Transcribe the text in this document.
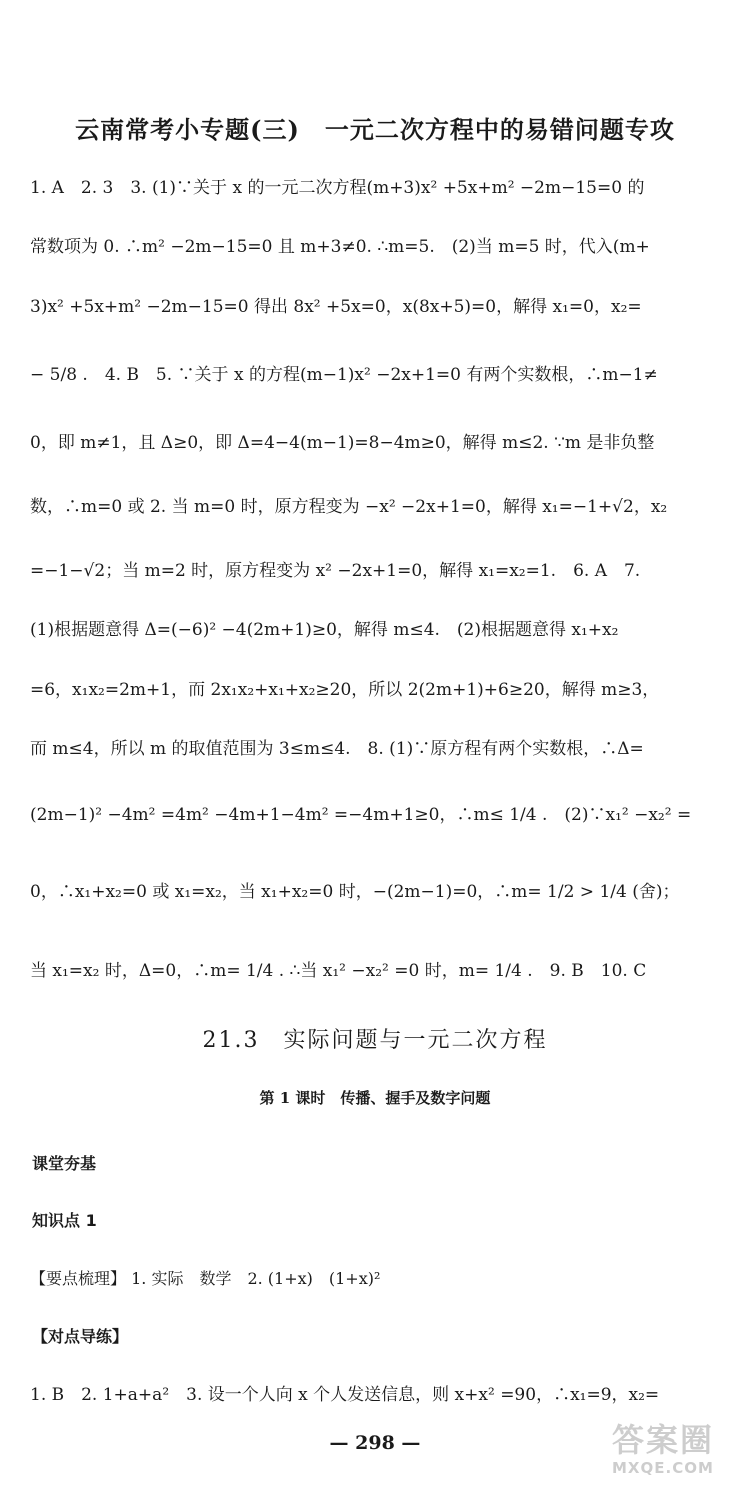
云南常考小专题(三)　一元二次方程中的易错问题专攻
1. A　2. 3　3. (1)∵关于 x 的一元二次方程(m+3)x² +5x+m² −2m−15=0 的
常数项为 0. ∴m² −2m−15=0 且 m+3≠0. ∴m=5.　(2)当 m=5 时，代入(m+
3)x² +5x+m² −2m−15=0 得出 8x² +5x=0，x(8x+5)=0，解得 x₁=0，x₂=
− 5/8 .　4. B　5. ∵关于 x 的方程(m−1)x² −2x+1=0 有两个实数根，∴m−1≠
0，即 m≠1，且 Δ≥0，即 Δ=4−4(m−1)=8−4m≥0，解得 m≤2. ∵m 是非负整
数，∴m=0 或 2. 当 m=0 时，原方程变为 −x² −2x+1=0，解得 x₁=−1+√2，x₂
=−1−√2；当 m=2 时，原方程变为 x² −2x+1=0，解得 x₁=x₂=1.　6. A　7.
(1)根据题意得 Δ=(−6)² −4(2m+1)≥0，解得 m≤4.　(2)根据题意得 x₁+x₂
=6，x₁x₂=2m+1，而 2x₁x₂+x₁+x₂≥20，所以 2(2m+1)+6≥20，解得 m≥3，
而 m≤4，所以 m 的取值范围为 3≤m≤4.　8. (1)∵原方程有两个实数根，∴Δ=
(2m−1)² −4m² =4m² −4m+1−4m² =−4m+1≥0，∴m≤ 1/4 .　(2)∵x₁² −x₂² =
0，∴x₁+x₂=0 或 x₁=x₂，当 x₁+x₂=0 时，−(2m−1)=0，∴m= 1/2 > 1/4 (舍)；
当 x₁=x₂ 时，Δ=0，∴m= 1/4 . ∴当 x₁² −x₂² =0 时，m= 1/4 .　9. B　10. C
21.3　实际问题与一元二次方程
第 1 课时　传播、握手及数字问题
课堂夯基
知识点 1
【要点梳理】 1. 实际　数学　2. (1+x)　(1+x)²
【对点导练】
1. B　2. 1+a+a²　3. 设一个人向 x 个人发送信息，则 x+x² =90，∴x₁=9，x₂=
— 298 —	答案圈
MXQE.COM
